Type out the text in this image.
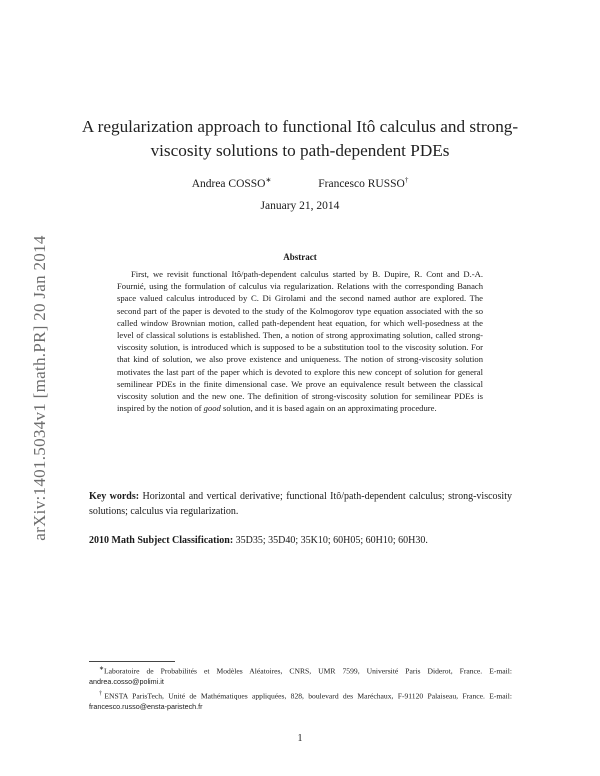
arXiv:1401.5034v1 [math.PR] 20 Jan 2014
A regularization approach to functional Itô calculus and strong-viscosity solutions to path-dependent PDEs
Andrea COSSO∗	Francesco RUSSO†
January 21, 2014
Abstract
First, we revisit functional Itô/path-dependent calculus started by B. Dupire, R. Cont and D.-A. Fournié, using the formulation of calculus via regularization. Relations with the corresponding Banach space valued calculus introduced by C. Di Girolami and the second named author are explored. The second part of the paper is devoted to the study of the Kolmogorov type equation associated with the so called window Brownian motion, called path-dependent heat equation, for which well-posedness at the level of classical solutions is established. Then, a notion of strong approximating solution, called strong-viscosity solution, is introduced which is supposed to be a substitution tool to the viscosity solution. For that kind of solution, we also prove existence and uniqueness. The notion of strong-viscosity solution motivates the last part of the paper which is devoted to explore this new concept of solution for general semilinear PDEs in the finite dimensional case. We prove an equivalence result between the classical viscosity solution and the new one. The definition of strong-viscosity solution for semilinear PDEs is inspired by the notion of good solution, and it is based again on an approximating procedure.
Key words: Horizontal and vertical derivative; functional Itô/path-dependent calculus; strong-viscosity solutions; calculus via regularization.
2010 Math Subject Classification: 35D35; 35D40; 35K10; 60H05; 60H10; 60H30.

∗Laboratoire de Probabilités et Modèles Aléatoires, CNRS, UMR 7599, Université Paris Diderot, France. E-mail: andrea.cosso@polimi.it

†ENSTA ParisTech, Unité de Mathématiques appliquées, 828, boulevard des Maréchaux, F-91120 Palaiseau, France. E-mail: francesco.russo@ensta-paristech.fr

1
